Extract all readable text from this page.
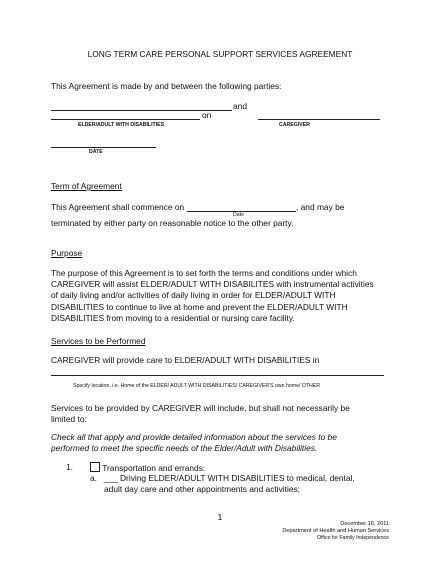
LONG TERM CARE PERSONAL SUPPORT SERVICES AGREEMENT
This Agreement is made by and between the following parties:
and
on
ELDER/ADULT WITH DISABILITIES	CAREGIVER
DATE
Term of Agreement
This Agreement shall commence on	, and may be
Date
terminated by either party on reasonable notice to the other party.
Purpose
The purpose of this Agreement is to set forth the terms and conditions under which
CAREGIVER will assist ELDER/ADULT WITH DISABILITES with instrumental activities
of daily living and/or activities of daily living in order for ELDER/ADULT WITH
DISABILITIES to continue to live at home and prevent the ELDER/ADULT WITH
DISABILITIES from moving to a residential or nursing care facility.
Services to be Performed
CAREGIVER will provide care to ELDER/ADULT WITH DISABILITIES in
Specify location, i.e. Home of the ELDER/ ADULT WITH DISABILITIES/ CAREGIVER'S own home/ OTHER
Services to be provided by CAREGIVER will include, but shall not necessarily be
limited to:
Check all that apply and provide detailed information about the services to be
performed to meet the specific needs of the Elder/Adult with Disabilities.
1.	Transportation and errands:
a. ___ Driving ELDER/ADULT WITH DISABILITIES to medical, dental,
adult day care and other appointments and activities;
1
December 16, 2011
Department of Health and Human Services
Office for Family Independence
